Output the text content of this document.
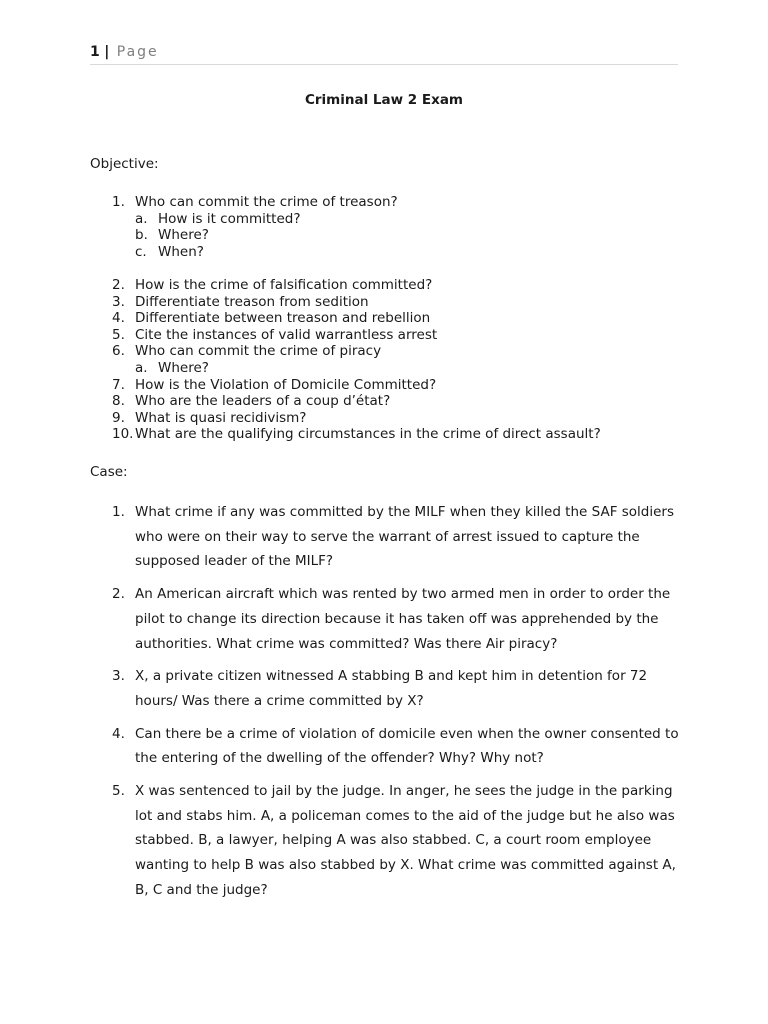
1 | Page
Criminal Law 2 Exam
Objective:
1. Who can commit the crime of treason?
a. How is it committed?
b. Where?
c. When?
2. How is the crime of falsification committed?
3. Differentiate treason from sedition
4. Differentiate between treason and rebellion
5. Cite the instances of valid warrantless arrest
6. Who can commit the crime of piracy
a. Where?
7. How is the Violation of Domicile Committed?
8. Who are the leaders of a coup d’état?
9. What is quasi recidivism?
10. What are the qualifying circumstances in the crime of direct assault?
Case:
1. What crime if any was committed by the MILF when they killed the SAF soldiers who were on their way to serve the warrant of arrest issued to capture the supposed leader of the MILF?
2. An American aircraft which was rented by two armed men in order to order the pilot to change its direction because it has taken off was apprehended by the authorities. What crime was committed? Was there Air piracy?
3. X, a private citizen witnessed A stabbing B and kept him in detention for 72 hours/ Was there a crime committed by X?
4. Can there be a crime of violation of domicile even when the owner consented to the entering of the dwelling of the offender? Why? Why not?
5. X was sentenced to jail by the judge. In anger, he sees the judge in the parking lot and stabs him. A, a policeman comes to the aid of the judge but he also was stabbed. B, a lawyer, helping A was also stabbed. C, a court room employee wanting to help B was also stabbed by X. What crime was committed against A, B, C and the judge?
